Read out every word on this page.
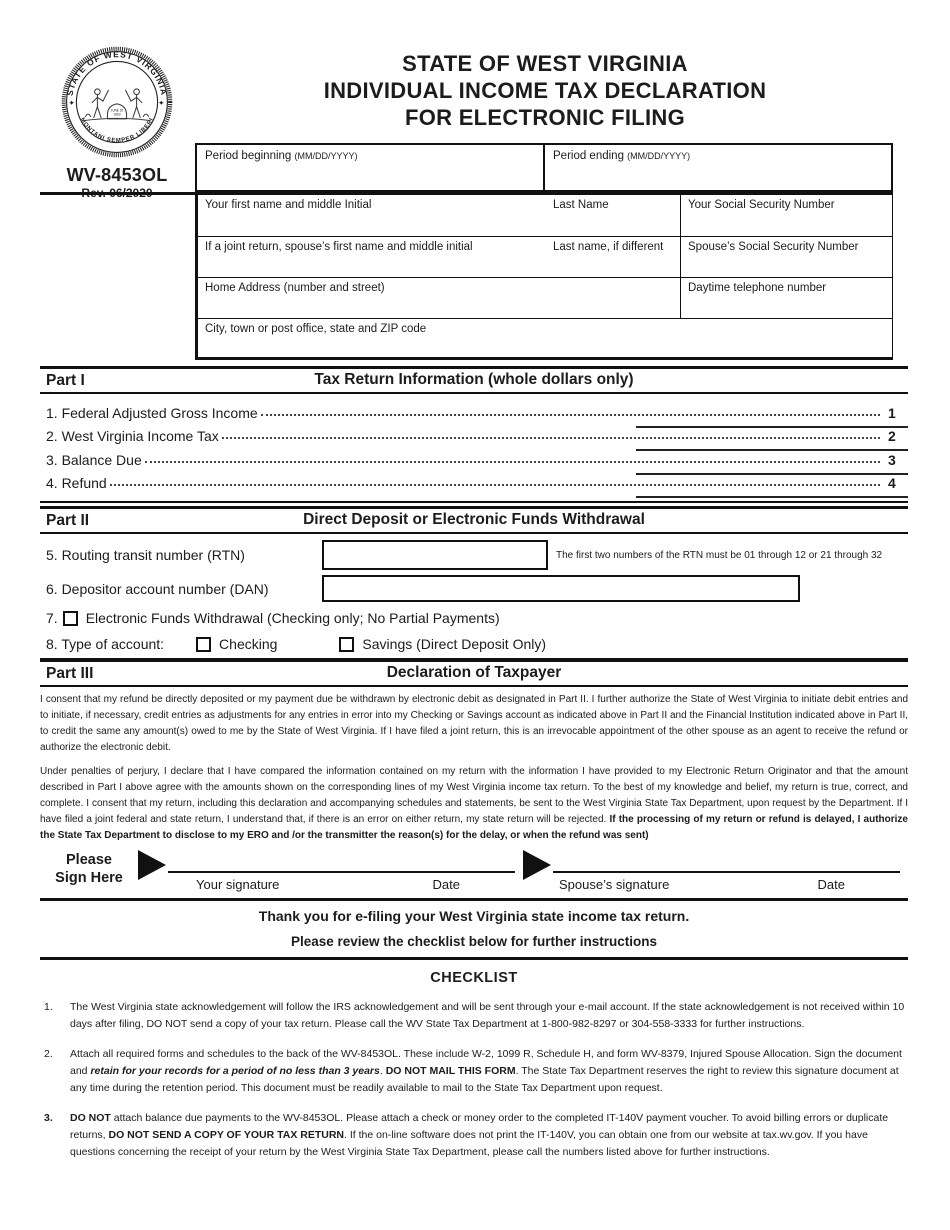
STATE OF WEST VIRGINIA
MONTANI SEMPER LIBERI
✦	✦
JUNE 20
1863
WV-8453OL
STATE OF WEST VIRGINIA
INDIVIDUAL INCOME TAX DECLARATION
FOR ELECTRONIC FILING
Period beginning (MM/DD/YYYY)	Period ending (MM/DD/YYYY)
Your first name and middle Initial	Last Name	Your Social Security Number
If a joint return, spouse’s first name and middle initial	Last name, if different	Spouse’s Social Security Number
Home Address (number and street)	Daytime telephone number
City, town or post office, state and ZIP code
Part I	Tax Return Information (whole dollars only)
1. Federal Adjusted Gross Income	1
2. West Virginia Income Tax	2
3. Balance Due	3
4. Refund	4
Part II	Direct Deposit or Electronic Funds Withdrawal
5. Routing transit number (RTN)	The first two numbers of the RTN must be 01 through 12 or 21 through 32
6. Depositor account number (DAN)
7. Electronic Funds Withdrawal (Checking only; No Partial Payments)
8. Type of account:	Checking	Savings (Direct Deposit Only)
Part III	Declaration of Taxpayer

I consent that my refund be directly deposited or my payment due be withdrawn by electronic debit as designated in Part II. I further authorize the State of West Virginia to initiate debit entries and to initiate, if necessary, credit entries as adjustments for any entries in error into my Checking or Savings account as indicated above in Part II and the Financial Institution indicated above in Part II, to credit the same any amount(s) owed to me by the State of West Virginia. If I have filed a joint return, this is an irrevocable appointment of the other spouse as an agent to receive the refund or authorize the electronic debit.

Under penalties of perjury, I declare that I have compared the information contained on my return with the information I have provided to my Electronic Return Originator and that the amount described in Part I above agree with the amounts shown on the corresponding lines of my West Virginia income tax return. To the best of my knowledge and belief, my return is true, correct, and complete. I consent that my return, including this declaration and accompanying schedules and statements, be sent to the West Virginia State Tax Department, upon request by the Department. If I have filed a joint federal and state return, I understand that, if there is an error on either return, my state return will be rejected. If the processing of my return or refund is delayed, I authorize the State Tax Department to disclose to my ERO and /or the transmitter the reason(s) for the delay, or when the refund was sent)

Please
Sign Here	Your signature	Date	Spouse’s signature	Date
Thank you for e-filing your West Virginia state income tax return.
Please review the checklist below for further instructions
CHECKLIST
1.	The West Virginia state acknowledgement will follow the IRS acknowledgement and will be sent through your e-mail account. If the state acknowledgement is not received within 10 days after filing, DO NOT send a copy of your tax return. Please call the WV State Tax Department at 1-800-982-8297 or 304-558-3333 for further instructions.
2.	Attach all required forms and schedules to the back of the WV-8453OL. These include W-2, 1099 R, Schedule H, and form WV-8379, Injured Spouse Allocation. Sign the document and retain for your records for a period of no less than 3 years. DO NOT MAIL THIS FORM. The State Tax Department reserves the right to review this signature document at any time during the retention period. This document must be readily available to mail to the State Tax Department upon request.
3.	DO NOT attach balance due payments to the WV-8453OL. Please attach a check or money order to the completed IT-140V payment voucher. To avoid billing errors or duplicate returns, DO NOT SEND A COPY OF YOUR TAX RETURN. If the on-line software does not print the IT-140V, you can obtain one from our website at tax.wv.gov. If you have questions concerning the receipt of your return by the West Virginia State Tax Department, please call the numbers listed above for further instructions.
